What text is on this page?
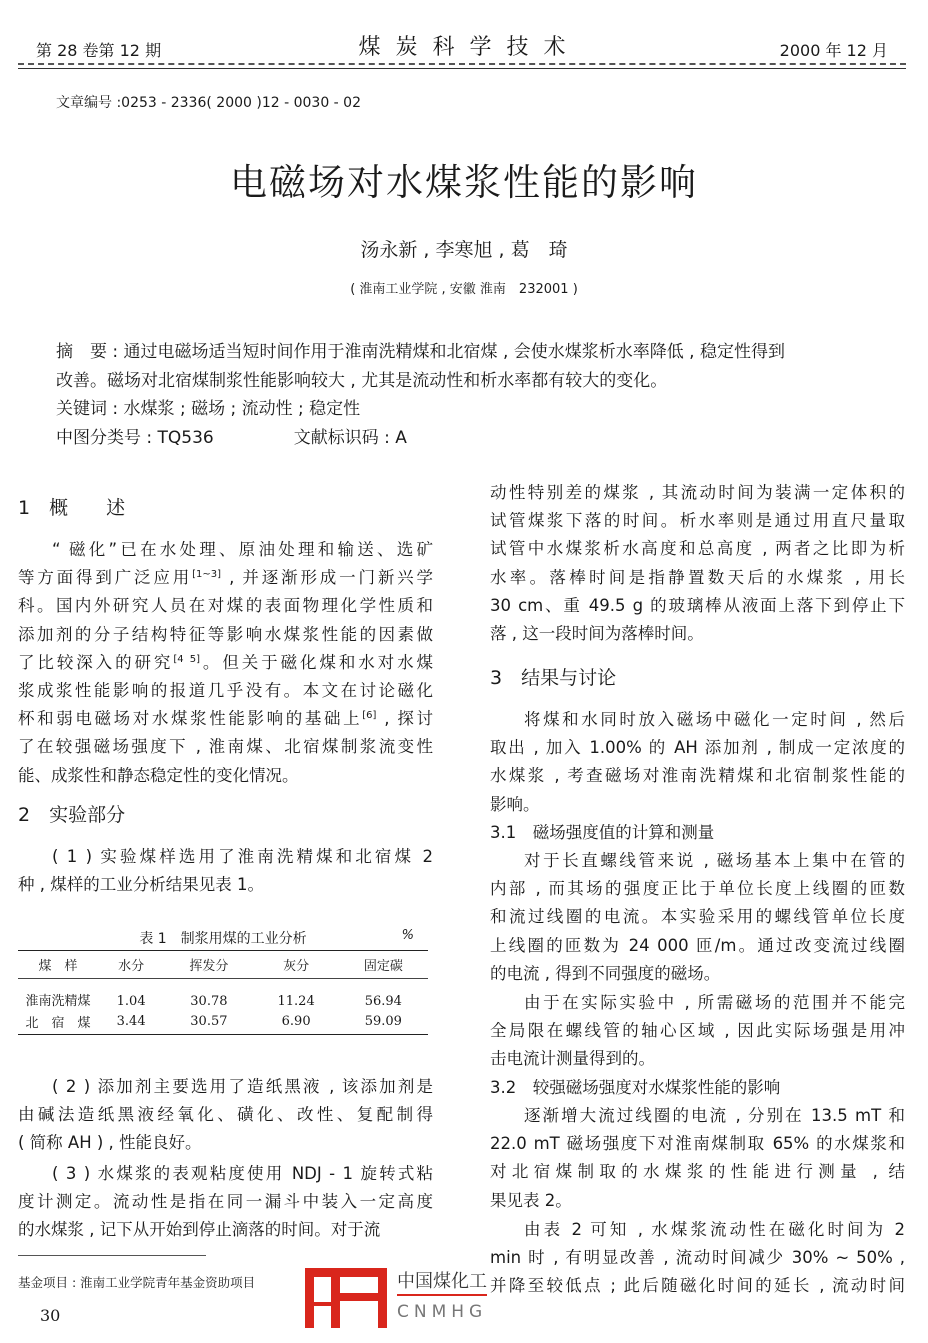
第 28 卷第 12 期	煤 炭 科 学 技 术	2000 年 12 月
文章编号 :0253 - 2336( 2000 )12 - 0030 - 02
电磁场对水煤浆性能的影响
汤永新 , 李寒旭 , 葛　琦
( 淮南工业学院 , 安徽 淮南　232001 )
摘　要 : 通过电磁场适当短时间作用于淮南洗精煤和北宿煤 , 会使水煤浆析水率降低 , 稳定性得到
改善。磁场对北宿煤制浆性能影响较大 , 尤其是流动性和析水率都有较大的变化。
关键词 : 水煤浆 ; 磁场 ; 流动性 ; 稳定性
中图分类号 : TQ536	文献标识码 : A
1　概　　述
“ 磁化”已在水处理、原油处理和输送、选矿
等方面得到广泛应用[1~3] , 并逐渐形成一门新兴学
科。国内外研究人员在对煤的表面物理化学性质和
添加剂的分子结构特征等影响水煤浆性能的因素做
了比较深入的研究[4 5]。但关于磁化煤和水对水煤
浆成浆性能影响的报道几乎没有。本文在讨论磁化
杯和弱电磁场对水煤浆性能影响的基础上[6] , 探讨
了在较强磁场强度下 , 淮南煤、北宿煤制浆流变性
能、成浆性和静态稳定性的变化情况。
2　实验部分
( 1 ) 实验煤样选用了淮南洗精煤和北宿煤 2
种 , 煤样的工业分析结果见表 1。
表 1　制浆用煤的工业分析	%
煤　样	水分	挥发分	灰分	固定碳
淮南洗精煤	1.04	30.78	11.24	56.94
北　宿　煤	3.44	30.57	6.90	59.09
( 2 ) 添加剂主要选用了造纸黑液 , 该添加剂是
由碱法造纸黑液经氧化、磺化、改性、复配制得
( 简称 AH ) , 性能良好。
( 3 ) 水煤浆的表观粘度使用 NDJ - 1 旋转式粘
度计测定。流动性是指在同一漏斗中装入一定高度
的水煤浆 , 记下从开始到停止滴落的时间。对于流
基金项目 : 淮南工业学院青年基金资助项目
30
动性特别差的煤浆 , 其流动时间为装满一定体积的
试管煤浆下落的时间。析水率则是通过用直尺量取
试管中水煤浆析水高度和总高度 , 两者之比即为析
水率。落棒时间是指静置数天后的水煤浆 , 用长
30 cm、重 49.5 g 的玻璃棒从液面上落下到停止下
落 , 这一段时间为落棒时间。
3　结果与讨论
将煤和水同时放入磁场中磁化一定时间 , 然后
取出 , 加入 1.00% 的 AH 添加剂 , 制成一定浓度的
水煤浆 , 考查磁场对淮南洗精煤和北宿制浆性能的
影响。
3.1　磁场强度值的计算和测量
对于长直螺线管来说 , 磁场基本上集中在管的
内部 , 而其场的强度正比于单位长度上线圈的匝数
和流过线圈的电流。本实验采用的螺线管单位长度
上线圈的匝数为 24 000 匝/m。通过改变流过线圈
的电流 , 得到不同强度的磁场。
由于在实际实验中 , 所需磁场的范围并不能完
全局限在螺线管的轴心区域 , 因此实际场强是用冲
击电流计测量得到的。
3.2　较强磁场强度对水煤浆性能的影响
逐渐增大流过线圈的电流 , 分别在 13.5 mT 和
22.0 mT 磁场强度下对淮南煤制取 65% 的水煤浆和
对北宿煤制取的水煤浆的性能进行测量 , 结
果见表 2。
由表 2 可知 , 水煤浆流动性在磁化时间为 2
min 时 , 有明显改善 , 流动时间减少 30% ~ 50% ,
并降至较低点 ; 此后随磁化时间的延长 , 流动时间
中国煤化工
CNMHG
